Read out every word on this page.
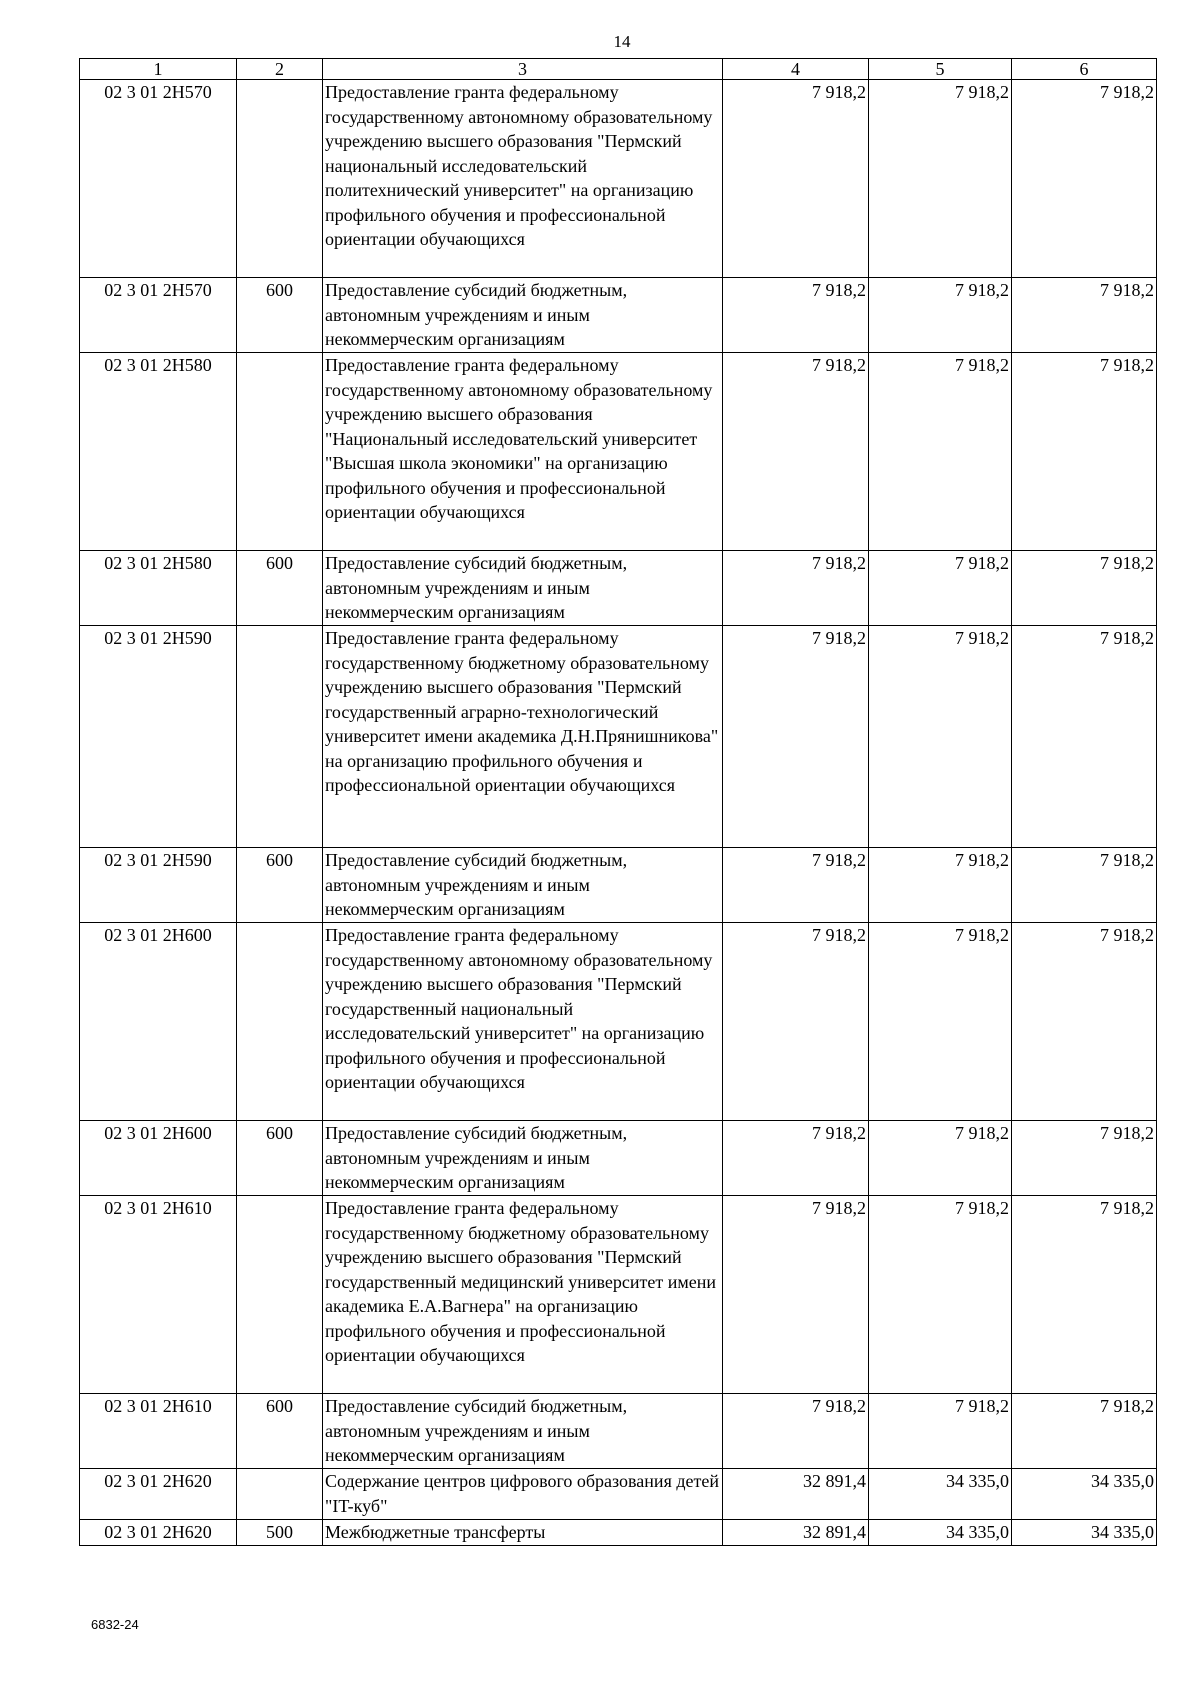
14
1	2	3	4	5	6
02 3 01 2Н570		Предоставление гранта федеральному государственному автономному образовательному учреждению высшего образования "Пермский национальный исследовательский политехнический университет" на организацию профильного обучения и профессиональной ориентации обучающихся	7 918,2	7 918,2	7 918,2
02 3 01 2Н570	600	Предоставление субсидий бюджетным, автономным учреждениям и иным некоммерческим организациям	7 918,2	7 918,2	7 918,2
02 3 01 2Н580		Предоставление гранта федеральному государственному автономному образовательному учреждению высшего образования "Национальный исследовательский университет "Высшая школа экономики" на организацию профильного обучения и профессиональной ориентации обучающихся	7 918,2	7 918,2	7 918,2
02 3 01 2Н580	600	Предоставление субсидий бюджетным, автономным учреждениям и иным некоммерческим организациям	7 918,2	7 918,2	7 918,2
02 3 01 2Н590		Предоставление гранта федеральному государственному бюджетному образовательному учреждению высшего образования "Пермский государственный аграрно-технологический университет имени академика Д.Н.Прянишникова" на организацию профильного обучения и профессиональной ориентации обучающихся	7 918,2	7 918,2	7 918,2
02 3 01 2Н590	600	Предоставление субсидий бюджетным, автономным учреждениям и иным некоммерческим организациям	7 918,2	7 918,2	7 918,2
02 3 01 2Н600		Предоставление гранта федеральному государственному автономному образовательному учреждению высшего образования "Пермский государственный национальный исследовательский университет" на организацию профильного обучения и профессиональной ориентации обучающихся	7 918,2	7 918,2	7 918,2
02 3 01 2Н600	600	Предоставление субсидий бюджетным, автономным учреждениям и иным некоммерческим организациям	7 918,2	7 918,2	7 918,2
02 3 01 2Н610		Предоставление гранта федеральному государственному бюджетному образовательному учреждению высшего образования "Пермский государственный медицинский университет имени академика Е.А.Вагнера" на организацию профильного обучения и профессиональной ориентации обучающихся	7 918,2	7 918,2	7 918,2
02 3 01 2Н610	600	Предоставление субсидий бюджетным, автономным учреждениям и иным некоммерческим организациям	7 918,2	7 918,2	7 918,2
02 3 01 2Н620		Содержание центров цифрового образования детей "IT-куб"	32 891,4	34 335,0	34 335,0
02 3 01 2Н620	500	Межбюджетные трансферты	32 891,4	34 335,0	34 335,0
6832-24
